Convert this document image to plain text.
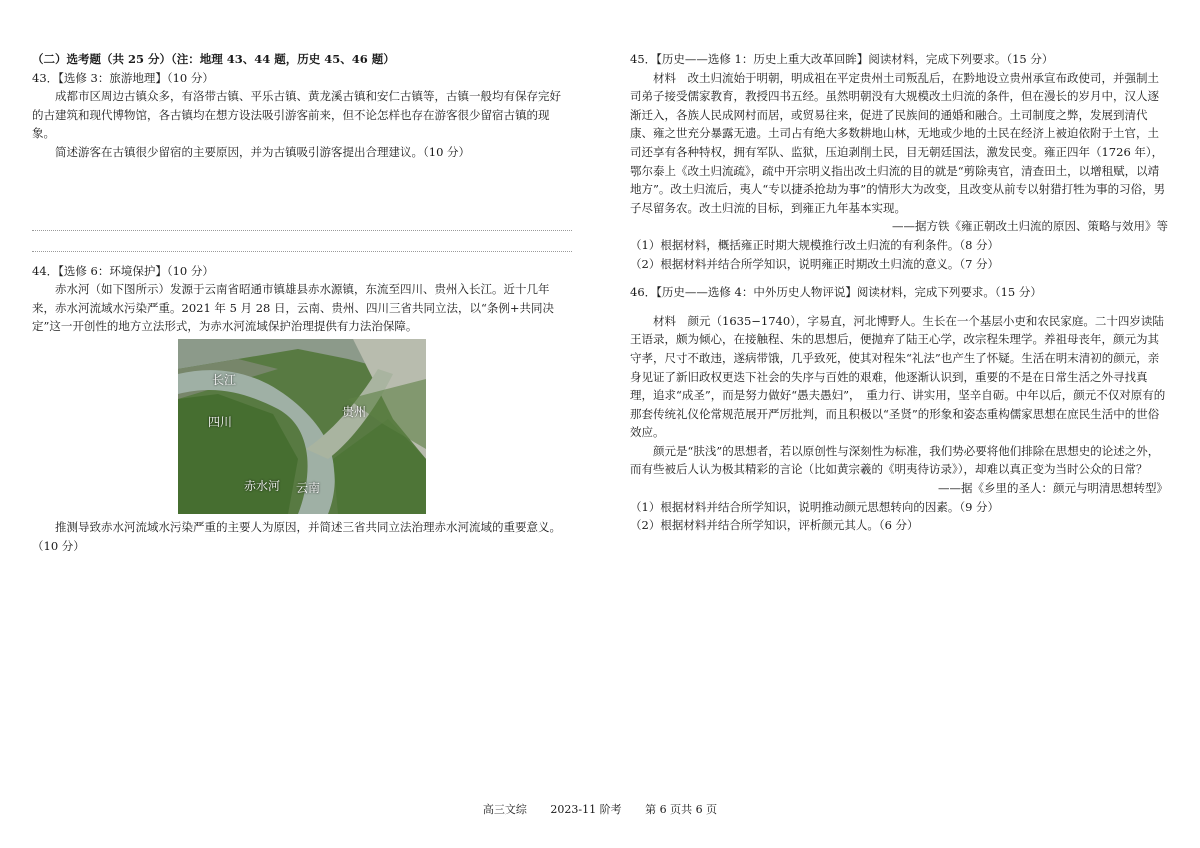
（二）选考题（共 25 分）（注：地理 43、44 题，历史 45、46 题）

43．【选修 3：旅游地理】（10 分）

成都市区周边古镇众多，有洛带古镇、平乐古镇、黄龙溪古镇和安仁古镇等，古镇一般均有保存完好的古建筑和现代博物馆，各古镇均在想方设法吸引游客前来，但不论怎样也存在游客很少留宿古镇的现象。

简述游客在古镇很少留宿的主要原因，并为古镇吸引游客提出合理建议。（10 分）

44．【选修 6：环境保护】（10 分）

赤水河（如下图所示）发源于云南省昭通市镇雄县赤水源镇，东流至四川、贵州入长江。近十几年来，赤水河流域水污染严重。2021 年 5 月 28 日，云南、贵州、四川三省共同立法，以“条例+共同决定”这一开创性的地方立法形式，为赤水河流域保护治理提供有力法治保障。

长江
四川
贵州
赤水河 云南

推测导致赤水河流域水污染严重的主要人为原因，并简述三省共同立法治理赤水河流域的重要意义。（10 分）

45．【历史——选修 1：历史上重大改革回眸】阅读材料，完成下列要求。（15 分）

材料　改土归流始于明朝，明成祖在平定贵州土司叛乱后，在黔地设立贵州承宣布政使司，并强制土司弟子接受儒家教育，教授四书五经。虽然明朝没有大规模改土归流的条件，但在漫长的岁月中，汉人逐渐迁入，各族人民成网村而居，或贸易往来，促进了民族间的通婚和融合。土司制度之弊，发展到清代康、雍之世充分暴露无遗。土司占有绝大多数耕地山林，无地或少地的土民在经济上被迫依附于土官，土司还享有各种特权，拥有军队、监狱，压迫剥削土民，目无朝廷国法，激发民变。雍正四年（1726 年），鄂尔泰上《改土归流疏》，疏中开宗明义指出改土归流的目的就是“剪除夷官，清查田土，以增租赋，以靖地方”。改土归流后，夷人“专以捷杀抢劫为事”的情形大为改变，且改变从前专以射猎打牲为事的习俗，男子尽留务农。改土归流的目标，到雍正九年基本实现。

——据方铁《雍正朝改土归流的原因、策略与效用》等

（1）根据材料，概括雍正时期大规模推行改土归流的有利条件。（8 分）

（2）根据材料并结合所学知识，说明雍正时期改土归流的意义。（7 分）

46．【历史——选修 4：中外历史人物评说】阅读材料，完成下列要求。（15 分）

材料　颜元（1635−1740），字易直，河北博野人。生长在一个基层小吏和农民家庭。二十四岁读陆王语录，颇为倾心，在接触程、朱的思想后，便抛弃了陆王心学，改宗程朱理学。养祖母丧年，颜元为其守孝，尺寸不敢违，遂病带饿，几乎致死，使其对程朱“礼法”也产生了怀疑。生活在明末清初的颜元，亲身见证了新旧政权更迭下社会的失序与百姓的艰难，他逐渐认识到，重要的不是在日常生活之外寻找真理，追求“成圣”，而是努力做好“愚夫愚妇”，　重力行、讲实用，坚辛自砺。中年以后，颜元不仅对原有的那套传统礼仪伦常规范展开严厉批判，而且积极以“圣贤”的形象和姿态重构儒家思想在庶民生活中的世俗效应。

颜元是“肤浅”的思想者，若以原创性与深刻性为标准，我们势必要将他们排除在思想史的论述之外，而有些被后人认为极其精彩的言论（比如黄宗羲的《明夷待访录》），却难以真正变为当时公众的日常？

——据《乡里的圣人：颜元与明清思想转型》

（1）根据材料并结合所学知识，说明推动颜元思想转向的因素。（9 分）

（2）根据材料并结合所学知识，评析颜元其人。（6 分）

高三文综 2023-11 阶考 第 6 页共 6 页
